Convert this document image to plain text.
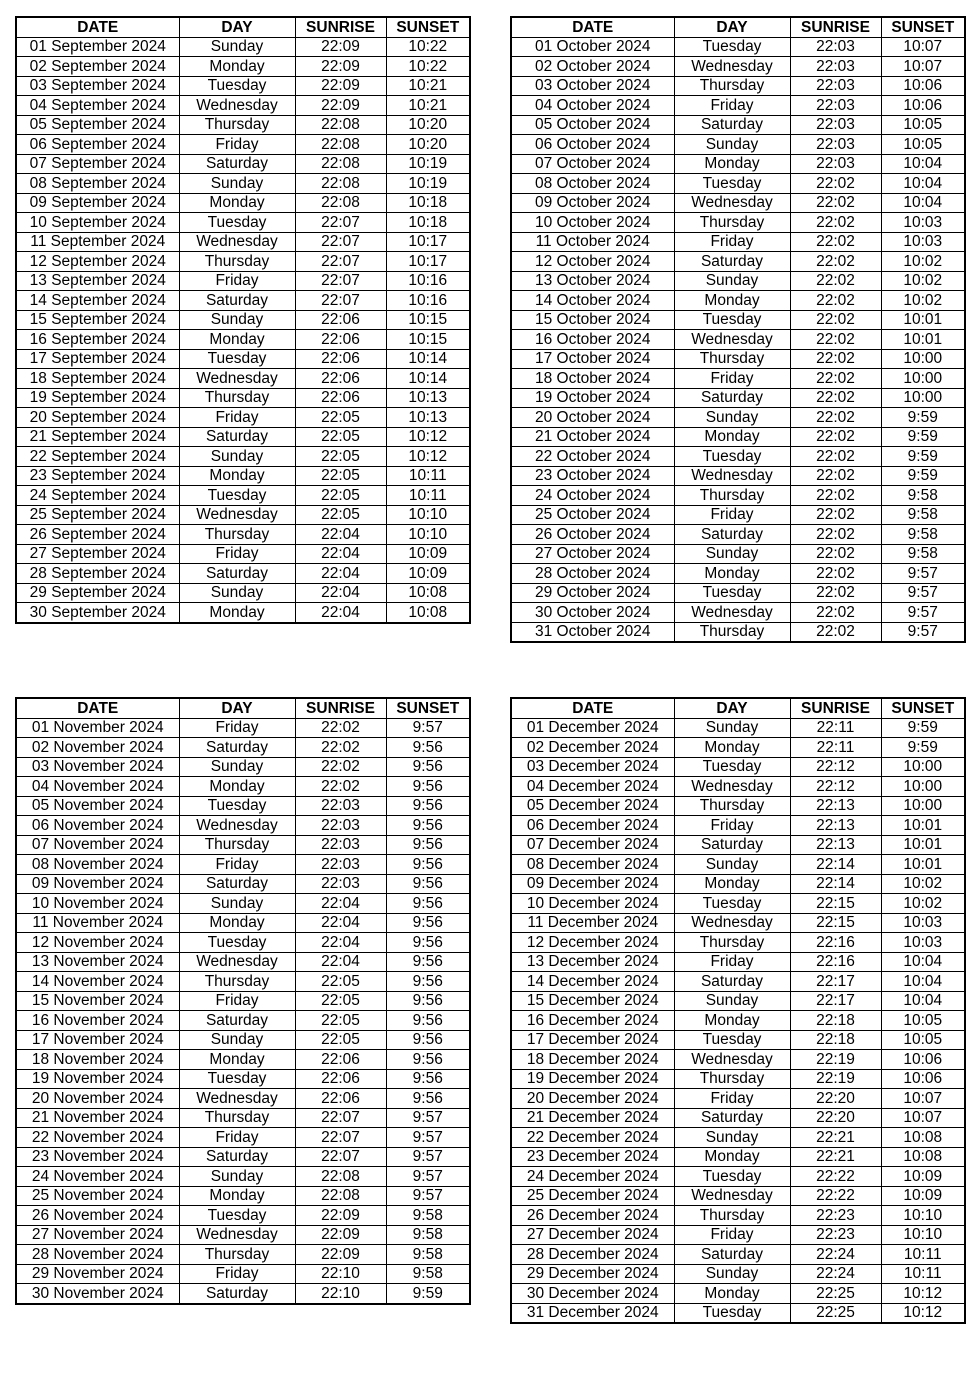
DATE	DAY	SUNRISE	SUNSET
01 September 2024	Sunday	22:09	10:22
02 September 2024	Monday	22:09	10:22
03 September 2024	Tuesday	22:09	10:21
04 September 2024	Wednesday	22:09	10:21
05 September 2024	Thursday	22:08	10:20
06 September 2024	Friday	22:08	10:20
07 September 2024	Saturday	22:08	10:19
08 September 2024	Sunday	22:08	10:19
09 September 2024	Monday	22:08	10:18
10 September 2024	Tuesday	22:07	10:18
11 September 2024	Wednesday	22:07	10:17
12 September 2024	Thursday	22:07	10:17
13 September 2024	Friday	22:07	10:16
14 September 2024	Saturday	22:07	10:16
15 September 2024	Sunday	22:06	10:15
16 September 2024	Monday	22:06	10:15
17 September 2024	Tuesday	22:06	10:14
18 September 2024	Wednesday	22:06	10:14
19 September 2024	Thursday	22:06	10:13
20 September 2024	Friday	22:05	10:13
21 September 2024	Saturday	22:05	10:12
22 September 2024	Sunday	22:05	10:12
23 September 2024	Monday	22:05	10:11
24 September 2024	Tuesday	22:05	10:11
25 September 2024	Wednesday	22:05	10:10
26 September 2024	Thursday	22:04	10:10
27 September 2024	Friday	22:04	10:09
28 September 2024	Saturday	22:04	10:09
29 September 2024	Sunday	22:04	10:08
30 September 2024	Monday	22:04	10:08
DATE	DAY	SUNRISE	SUNSET
01 October 2024	Tuesday	22:03	10:07
02 October 2024	Wednesday	22:03	10:07
03 October 2024	Thursday	22:03	10:06
04 October 2024	Friday	22:03	10:06
05 October 2024	Saturday	22:03	10:05
06 October 2024	Sunday	22:03	10:05
07 October 2024	Monday	22:03	10:04
08 October 2024	Tuesday	22:02	10:04
09 October 2024	Wednesday	22:02	10:04
10 October 2024	Thursday	22:02	10:03
11 October 2024	Friday	22:02	10:03
12 October 2024	Saturday	22:02	10:02
13 October 2024	Sunday	22:02	10:02
14 October 2024	Monday	22:02	10:02
15 October 2024	Tuesday	22:02	10:01
16 October 2024	Wednesday	22:02	10:01
17 October 2024	Thursday	22:02	10:00
18 October 2024	Friday	22:02	10:00
19 October 2024	Saturday	22:02	10:00
20 October 2024	Sunday	22:02	9:59
21 October 2024	Monday	22:02	9:59
22 October 2024	Tuesday	22:02	9:59
23 October 2024	Wednesday	22:02	9:59
24 October 2024	Thursday	22:02	9:58
25 October 2024	Friday	22:02	9:58
26 October 2024	Saturday	22:02	9:58
27 October 2024	Sunday	22:02	9:58
28 October 2024	Monday	22:02	9:57
29 October 2024	Tuesday	22:02	9:57
30 October 2024	Wednesday	22:02	9:57
31 October 2024	Thursday	22:02	9:57
DATE	DAY	SUNRISE	SUNSET
01 November 2024	Friday	22:02	9:57
02 November 2024	Saturday	22:02	9:56
03 November 2024	Sunday	22:02	9:56
04 November 2024	Monday	22:02	9:56
05 November 2024	Tuesday	22:03	9:56
06 November 2024	Wednesday	22:03	9:56
07 November 2024	Thursday	22:03	9:56
08 November 2024	Friday	22:03	9:56
09 November 2024	Saturday	22:03	9:56
10 November 2024	Sunday	22:04	9:56
11 November 2024	Monday	22:04	9:56
12 November 2024	Tuesday	22:04	9:56
13 November 2024	Wednesday	22:04	9:56
14 November 2024	Thursday	22:05	9:56
15 November 2024	Friday	22:05	9:56
16 November 2024	Saturday	22:05	9:56
17 November 2024	Sunday	22:05	9:56
18 November 2024	Monday	22:06	9:56
19 November 2024	Tuesday	22:06	9:56
20 November 2024	Wednesday	22:06	9:56
21 November 2024	Thursday	22:07	9:57
22 November 2024	Friday	22:07	9:57
23 November 2024	Saturday	22:07	9:57
24 November 2024	Sunday	22:08	9:57
25 November 2024	Monday	22:08	9:57
26 November 2024	Tuesday	22:09	9:58
27 November 2024	Wednesday	22:09	9:58
28 November 2024	Thursday	22:09	9:58
29 November 2024	Friday	22:10	9:58
30 November 2024	Saturday	22:10	9:59
DATE	DAY	SUNRISE	SUNSET
01 December 2024	Sunday	22:11	9:59
02 December 2024	Monday	22:11	9:59
03 December 2024	Tuesday	22:12	10:00
04 December 2024	Wednesday	22:12	10:00
05 December 2024	Thursday	22:13	10:00
06 December 2024	Friday	22:13	10:01
07 December 2024	Saturday	22:13	10:01
08 December 2024	Sunday	22:14	10:01
09 December 2024	Monday	22:14	10:02
10 December 2024	Tuesday	22:15	10:02
11 December 2024	Wednesday	22:15	10:03
12 December 2024	Thursday	22:16	10:03
13 December 2024	Friday	22:16	10:04
14 December 2024	Saturday	22:17	10:04
15 December 2024	Sunday	22:17	10:04
16 December 2024	Monday	22:18	10:05
17 December 2024	Tuesday	22:18	10:05
18 December 2024	Wednesday	22:19	10:06
19 December 2024	Thursday	22:19	10:06
20 December 2024	Friday	22:20	10:07
21 December 2024	Saturday	22:20	10:07
22 December 2024	Sunday	22:21	10:08
23 December 2024	Monday	22:21	10:08
24 December 2024	Tuesday	22:22	10:09
25 December 2024	Wednesday	22:22	10:09
26 December 2024	Thursday	22:23	10:10
27 December 2024	Friday	22:23	10:10
28 December 2024	Saturday	22:24	10:11
29 December 2024	Sunday	22:24	10:11
30 December 2024	Monday	22:25	10:12
31 December 2024	Tuesday	22:25	10:12
